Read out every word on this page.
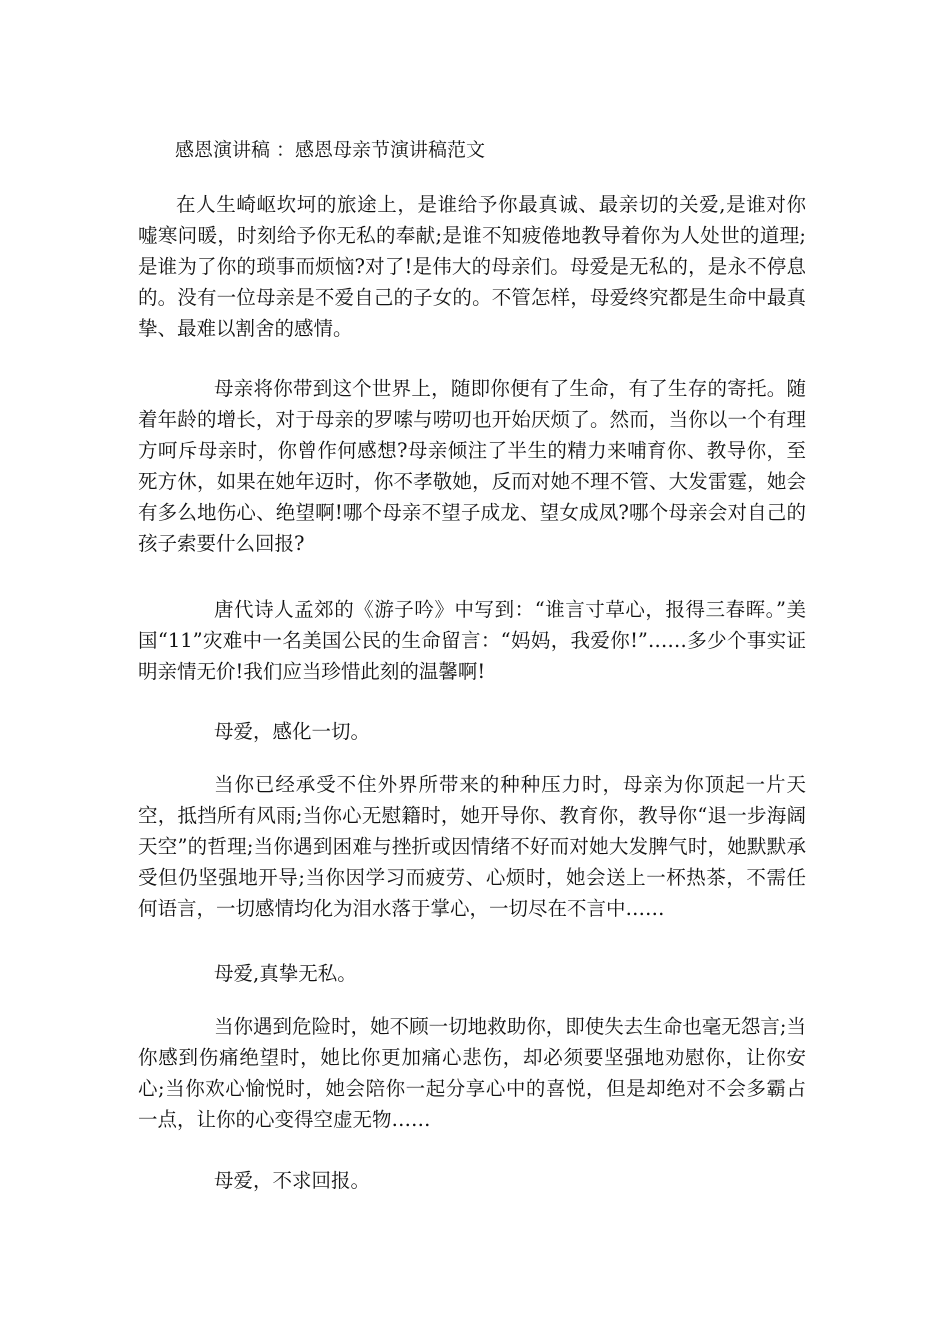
感恩演讲稿 ：感恩母亲节演讲稿范文

在人生崎岖坎坷的旅途上，是谁给予你最真诚、最亲切的关爱,是谁对你嘘寒问暖，时刻给予你无私的奉献;是谁不知疲倦地教导着你为人处世的道理;是谁为了你的琐事而烦恼?对了!是伟大的母亲们。母爱是无私的，是永不停息的。没有一位母亲是不爱自己的子女的。不管怎样，母爱终究都是生命中最真挚、最难以割舍的感情。

母亲将你带到这个世界上，随即你便有了生命，有了生存的寄托。随着年龄的增长，对于母亲的罗嗦与唠叨也开始厌烦了。然而，当你以一个有理方呵斥母亲时，你曾作何感想?母亲倾注了半生的精力来哺育你、教导你，至死方休，如果在她年迈时，你不孝敬她，反而对她不理不管、大发雷霆，她会有多么地伤心、绝望啊!哪个母亲不望子成龙、望女成凤?哪个母亲会对自己的孩子索要什么回报?

唐代诗人孟郊的《游子吟》中写到：“谁言寸草心，报得三春晖。”美国“11”灾难中一名美国公民的生命留言：“妈妈，我爱你!”……多少个事实证明亲情无价!我们应当珍惜此刻的温馨啊!

母爱，感化一切。

当你已经承受不住外界所带来的种种压力时，母亲为你顶起一片天空，抵挡所有风雨;当你心无慰籍时，她开导你、教育你，教导你“退一步海阔天空”的哲理;当你遇到困难与挫折或因情绪不好而对她大发脾气时，她默默承受但仍坚强地开导;当你因学习而疲劳、心烦时，她会送上一杯热茶，不需任何语言，一切感情均化为泪水落于掌心，一切尽在不言中……

母爱,真挚无私。

当你遇到危险时，她不顾一切地救助你，即使失去生命也毫无怨言;当你感到伤痛绝望时，她比你更加痛心悲伤，却必须要坚强地劝慰你，让你安心;当你欢心愉悦时，她会陪你一起分享心中的喜悦，但是却绝对不会多霸占一点，让你的心变得空虚无物……

母爱，不求回报。
